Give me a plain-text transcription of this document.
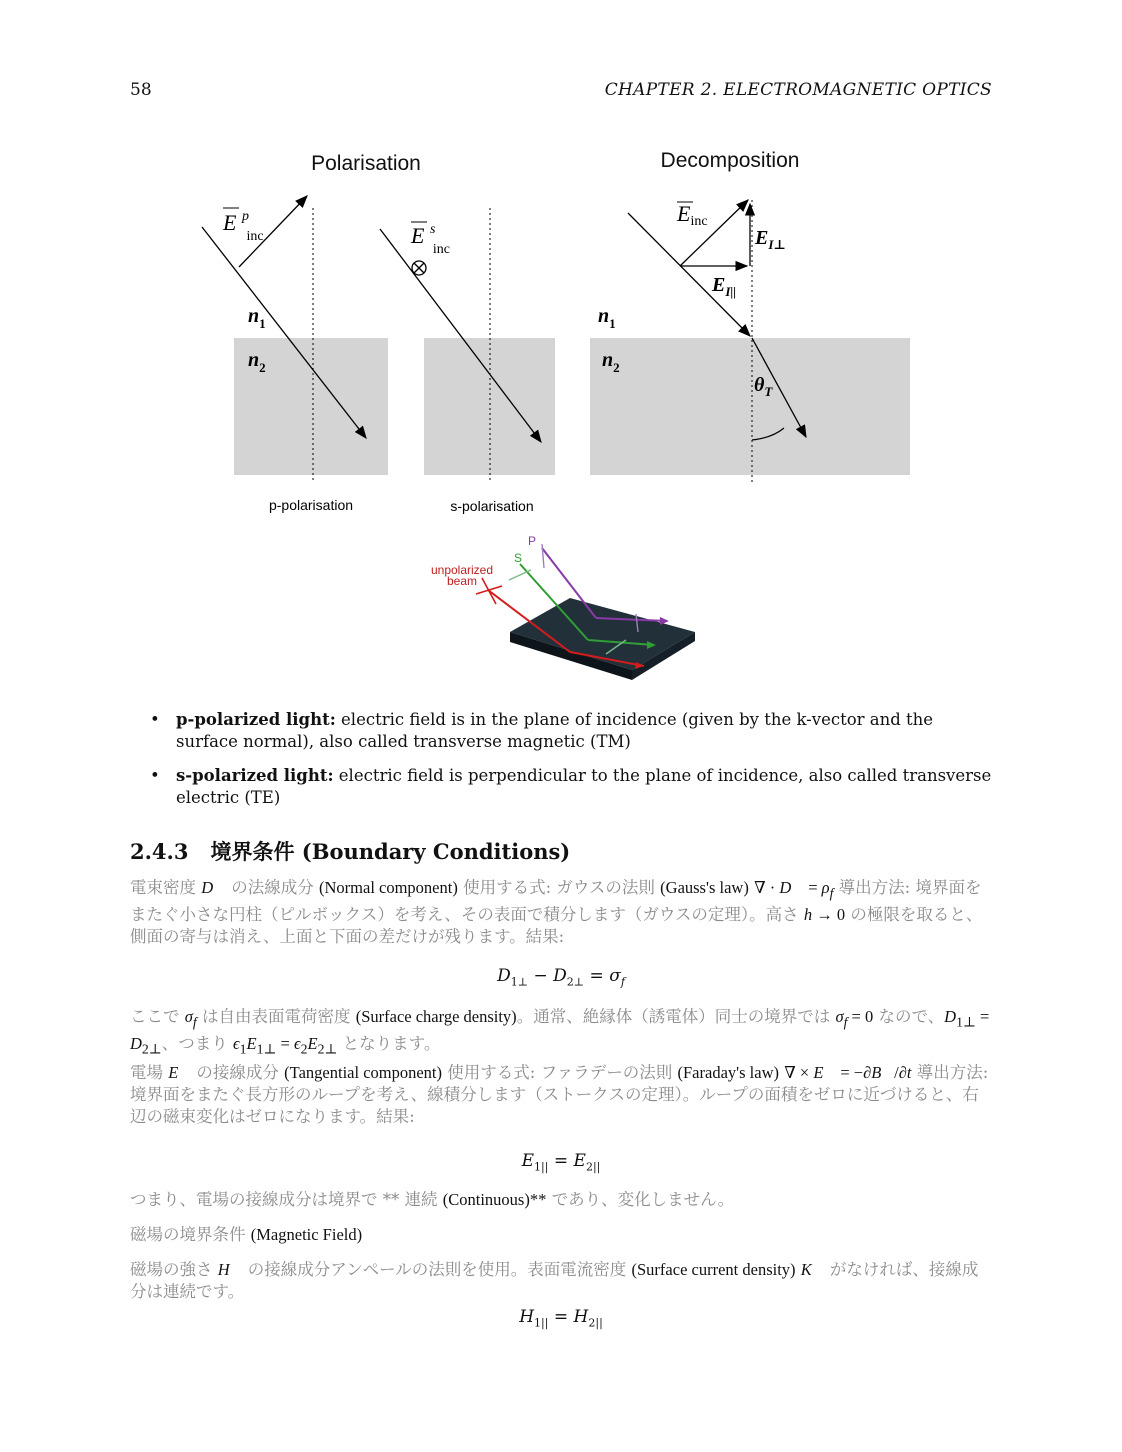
58	CHAPTER 2. ELECTROMAGNETIC OPTICS
Polarisation	Decomposition
E $^p$ inc
$n_1$
$n_2$
p-polarisation
E $^s$ inc
s-polarisation
Einc
$E_{I\perp}$
$E_{I||}$
$n_1$
$n_2$
$\theta_T$
unpolarized
beam
S
P
• p-polarized light: electric field is in the plane of incidence (given by the k-vector and the surface normal), also called transverse magnetic (TM)
• s-polarized light: electric field is perpendicular to the plane of incidence, also called transverse electric (TE)
2.4.3 境界条件 (Boundary Conditions)
電束密度 D⃗ の法線成分 (Normal component) 使用する式: ガウスの法則 (Gauss's law) ∇ · D⃗ = $\rho_f$ 導出方法: 境界面をまたぐ小さな円柱（ピルボックス）を考え、その表面で積分します（ガウスの定理）。高さ h → 0 の極限を取ると、側面の寄与は消え、上面と下面の差だけが残ります。結果:
$D_{1\perp} - D_{2\perp} = \sigma_f$
ここで $\sigma_f$ は自由表面電荷密度 (Surface charge density)。通常、絶縁体（誘電体）同士の境界では $\sigma_f = 0$ なので、$D_{1\perp} = D_{2\perp}$、つまり $\epsilon_1E_{1\perp} = \epsilon_2E_{2\perp}$ となります。
電場 E⃗ の接線成分 (Tangential component) 使用する式: ファラデーの法則 (Faraday's law) ∇ × E⃗ = −∂B⃗/∂t 導出方法: 境界面をまたぐ長方形のループを考え、線積分します（ストークスの定理）。ループの面積をゼロに近づけると、右辺の磁束変化はゼロになります。結果:
$E_{1||} = E_{2||}$
つまり、電場の接線成分は境界で ** 連続 (Continuous)** であり、変化しません。
磁場の境界条件 (Magnetic Field)
磁場の強さ H⃗ の接線成分アンペールの法則を使用。表面電流密度 (Surface current density) K⃗ がなければ、接線成分は連続です。
$H_{1||} = H_{2||}$
